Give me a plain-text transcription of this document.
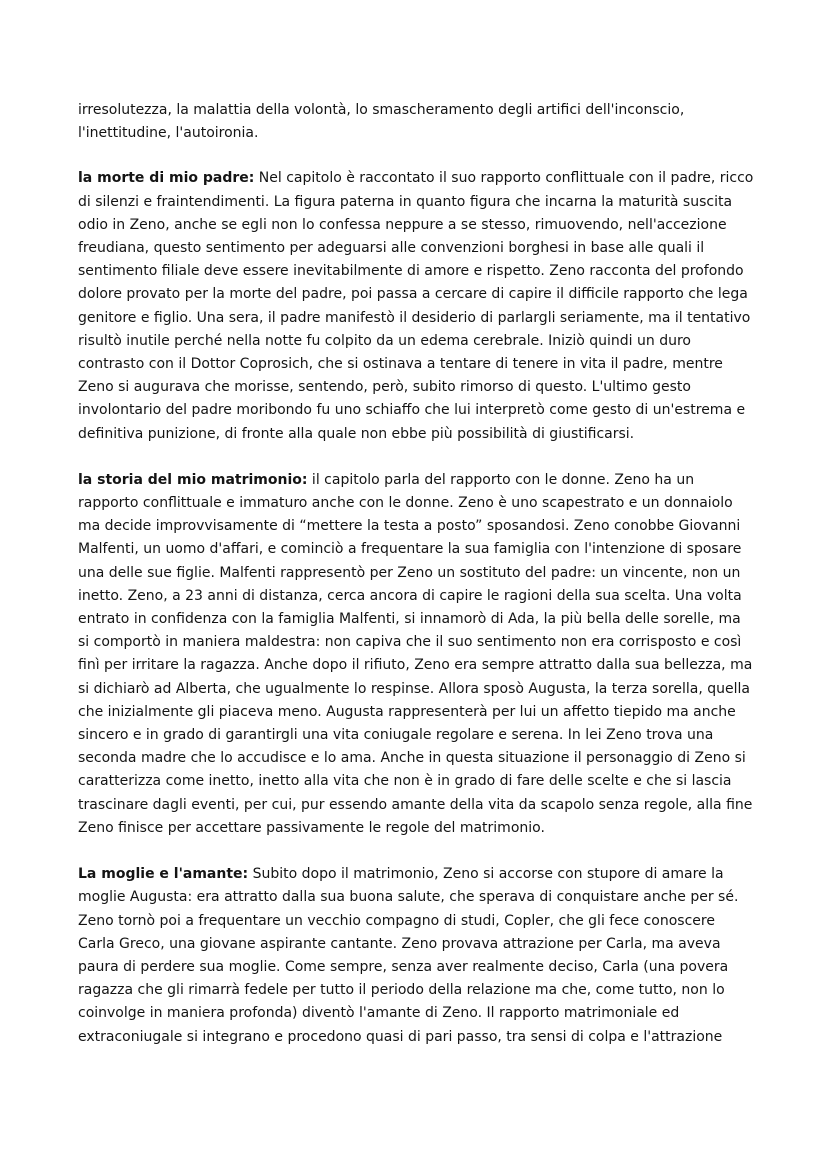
irresolutezza, la malattia della volontà, lo smascheramento degli artifici dell'inconscio, l'inettitudine, l'autoironia.

la morte di mio padre: Nel capitolo è raccontato il suo rapporto conflittuale con il padre, ricco di silenzi e fraintendimenti. La figura paterna in quanto figura che incarna la maturità suscita odio in Zeno, anche se egli non lo confessa neppure a se stesso, rimuovendo, nell'accezione freudiana, questo sentimento per adeguarsi alle convenzioni borghesi in base alle quali il sentimento filiale deve essere inevitabilmente di amore e rispetto. Zeno racconta del profondo dolore provato per la morte del padre, poi passa a cercare di capire il difficile rapporto che lega genitore e figlio. Una sera, il padre manifestò il desiderio di parlargli seriamente, ma il tentativo risultò inutile perché nella notte fu colpito da un edema cerebrale. Iniziò quindi un duro contrasto con il Dottor Coprosich, che si ostinava a tentare di tenere in vita il padre, mentre Zeno si augurava che morisse, sentendo, però, subito rimorso di questo. L'ultimo gesto involontario del padre moribondo fu uno schiaffo che lui interpretò come gesto di un'estrema e definitiva punizione, di fronte alla quale non ebbe più possibilità di giustificarsi.

la storia del mio matrimonio: il capitolo parla del rapporto con le donne. Zeno ha un rapporto conflittuale e immaturo anche con le donne. Zeno è uno scapestrato e un donnaiolo ma decide improvvisamente di “mettere la testa a posto” sposandosi. Zeno conobbe Giovanni Malfenti, un uomo d'affari, e cominciò a frequentare la sua famiglia con l'intenzione di sposare una delle sue figlie. Malfenti rappresentò per Zeno un sostituto del padre: un vincente, non un inetto. Zeno, a 23 anni di distanza, cerca ancora di capire le ragioni della sua scelta. Una volta entrato in confidenza con la famiglia Malfenti, si innamorò di Ada, la più bella delle sorelle, ma si comportò in maniera maldestra: non capiva che il suo sentimento non era corrisposto e così finì per irritare la ragazza. Anche dopo il rifiuto, Zeno era sempre attratto dalla sua bellezza, ma si dichiarò ad Alberta, che ugualmente lo respinse. Allora sposò Augusta, la terza sorella, quella che inizialmente gli piaceva meno. Augusta rappresenterà per lui un affetto tiepido ma anche sincero e in grado di garantirgli una vita coniugale regolare e serena. In lei Zeno trova una seconda madre che lo accudisce e lo ama. Anche in questa situazione il personaggio di Zeno si caratterizza come inetto, inetto alla vita che non è in grado di fare delle scelte e che si lascia trascinare dagli eventi, per cui, pur essendo amante della vita da scapolo senza regole, alla fine Zeno finisce per accettare passivamente le regole del matrimonio.

La moglie e l'amante: Subito dopo il matrimonio, Zeno si accorse con stupore di amare la moglie Augusta: era attratto dalla sua buona salute, che sperava di conquistare anche per sé. Zeno tornò poi a frequentare un vecchio compagno di studi, Copler, che gli fece conoscere Carla Greco, una giovane aspirante cantante. Zeno provava attrazione per Carla, ma aveva paura di perdere sua moglie. Come sempre, senza aver realmente deciso, Carla (una povera ragazza che gli rimarrà fedele per tutto il periodo della relazione ma che, come tutto, non lo coinvolge in maniera profonda) diventò l'amante di Zeno. Il rapporto matrimoniale ed extraconiugale si integrano e procedono quasi di pari passo, tra sensi di colpa e l'attrazione
